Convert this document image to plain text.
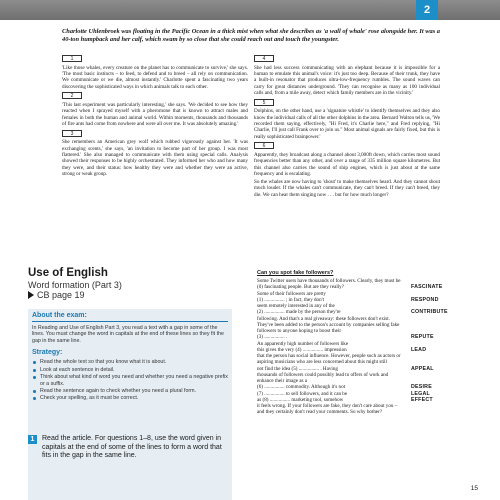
2
Charlotte Uhlenbroek was floating in the Pacific Ocean in a thick mist when what she describes as 'a wall of whale' rose alongside her. It was a 40-ton humpback and her calf, which swam by so close that she could reach out and touch the youngster.

1

'Like those whales, every creature on the planet has to communicate to survive,' she says. 'The most basic instincts – to feed, to defend and to breed – all rely on communication. We communicate or we die, almost instantly.' Charlotte spent a fascinating two years discovering the sophisticated ways in which animals talk to each other.

2

'This last experiment was particularly interesting,' she says. 'We decided to see how they reacted when I sprayed myself with a pheromone that is known to attract males and females in both the human and animal world. Within moments, thousands and thousands of fire ants had come from nowhere and were all over me. It was absolutely amazing.'

3

She remembers an American grey wolf which rubbed vigorously against her. 'It was exchanging scents,' she says, 'an invitation to become part of her group. I was most flattered.' She also managed to communicate with them using special calls. Analysis showed their responses to be highly orchestrated. They informed her who and how many they were, and their status: how healthy they were and whether they were an active, strong or weak group.

4

She had less success communicating with an elephant because it is impossible for a human to emulate this animal's voice: it's just too deep. Because of their trunk, they have a built-in resonator that produces ultra-low-frequency rumbles. The sound waves can carry for great distances underground. 'They can recognise as many as 100 individual calls and, from a mile away, detect which family members are in the vicinity.'

5

Dolphins, on the other hand, use a 'signature whistle' to identify themselves and they also know the individual calls of all the other dolphins in the area. Bernard Walton tells us, 'We recorded them saying, effectively, "Hi Fred, it's Charlie here," and Fred replying, "Hi Charlie, I'll just call Frank over to join us." Most animal signals are fairly fixed, but this is really sophisticated brainpower.'

6

Apparently, they broadcast along a channel about 3,000ft down, which carries most sound frequencies better than any other, and over a range of 335 million square kilometres. But this channel also carries the sound of ship engines, which is just about at the same frequency and is escalating.

So the whales are now having to 'shout' to make themselves heard. And they cannot shout much louder. If the whales can't communicate, they can't breed. If they can't breed, they die. We can hear them singing now . . . but for how much longer?

Use of English
Word formation (Part 3)
CB page 19
About the exam:
In Reading and Use of English Part 3, you read a text with a gap in some of the lines. You must change the word in capitals at the end of these lines so they fit the gap in the same line.
Strategy:
Read the whole text so that you know what it is about.
Look at each sentence in detail.
Think about what kind of word you need and whether you need a negative prefix or a suffix.
Read the sentence again to check whether you need a plural form.
Check your spelling, as it must be correct.
1	Read the article. For questions 1–8, use the word given in capitals at the end of some of the lines to form a word that fits in the gap in the same line.
Can you spot fake followers?
Some Twitter users have thousands of followers. Clearly, they must be
(0) fascinating people. But are they really?	FASCINATE
Some of their followers are pretty
(1) ................ ; in fact, they don't	RESPOND
seem remotely interested in any of the
(2) ................ made by the person they're	CONTRIBUTE
following. And that's a real giveaway: these followers don't exist. They've been added to the person's account by companies selling fake followers to anyone hoping to boost their
(3) ................ .	REPUTE
An apparently high number of followers like
this gives the very (4) ................ impression	LEAD
that the person has social influence. However, people such as actors or aspiring musicians who are less concerned about this might still
not find the idea (5) ................ . Having	APPEAL
thousands of followers could possibly lead to offers of work and enhance their image as a
(6) ................ commodity. Although it's not	DESIRE
(7) ................ to sell followers, and it can be	LEGAL
as (8) ................ marketing tool, somehow	EFFECT
it feels wrong. If your followers are fake, they don't care about you – and they certainly don't read your comments. So why bother?
15
